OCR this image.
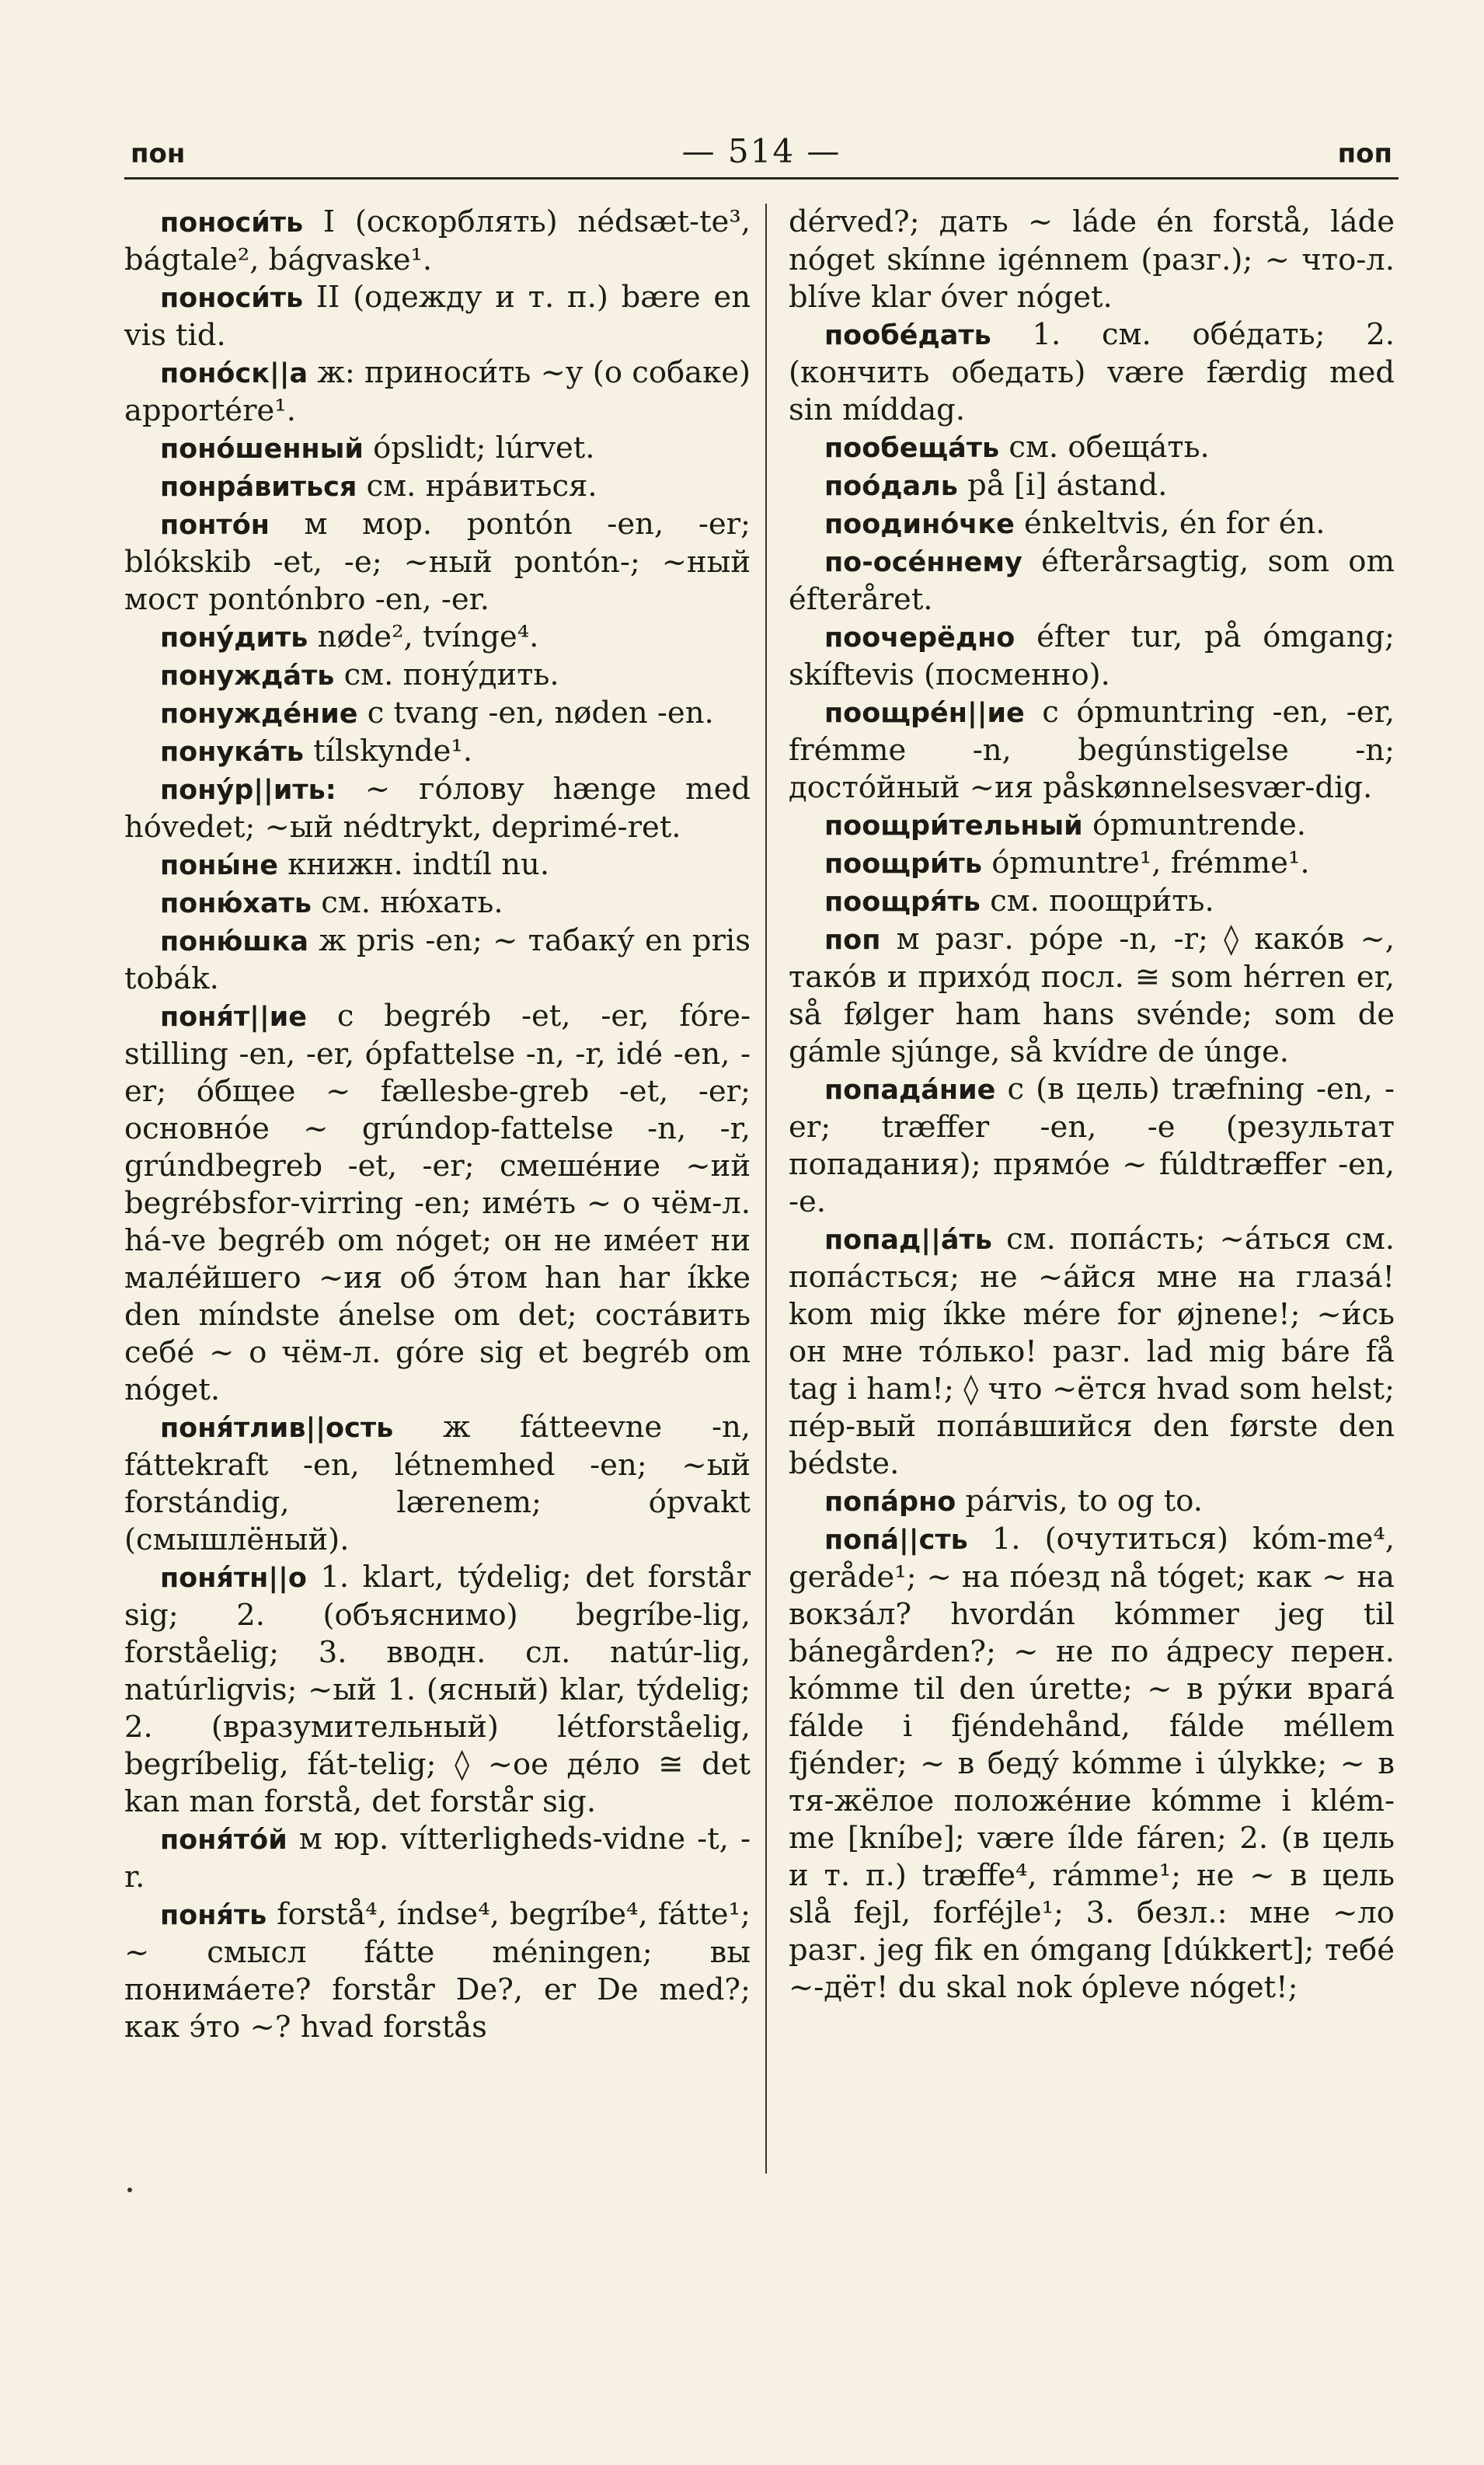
пон	— 514 —	поп

поноси́ть I (оскорблять) nédsæt-te³, bágtale², bágvaske¹.

поноси́ть II (одежду и т. п.) bære en vis tid.

поно́ск||а ж: приноси́ть ~у (о собаке) apportére¹.

поно́шенный ópslidt; lúrvet.

понра́виться см. нра́виться.

понто́н м мор. pontón -en, -er; blókskib -et, -e; ~ный pontón-; ~ный мост pontónbro -en, -er.

пону́дить nøde², tvínge⁴.

понужда́ть см. пону́дить.

понужде́ние с tvang -en, nøden -en.

понука́ть tílskynde¹.

пону́р||ить: ~ го́лову hænge med hóvedet; ~ый nédtrykt, deprimé-ret.

поны́не книжн. indtíl nu.

поню́хать см. ню́хать.

поню́шка ж pris -en; ~ табаку́ en pris tobák.

поня́т||ие с begréb -et, -er, fóre-stilling -en, -er, ópfattelse -n, -r, idé -en, -er; о́бщее ~ fællesbe-greb -et, -er; основно́е ~ grúndop-fattelse -n, -r, grúndbegreb -et, -er; смеше́ние ~ий begrébsfor-virring -en; име́ть ~ о чём-л. há-ve begréb om nóget; он не име́ет ни мале́йшего ~ия об э́том han har íkke den míndste ánelse om det; соста́вить себе́ ~ о чём-л. góre sig et begréb om nóget.

поня́тлив||ость ж fátteevne -n, fáttekraft -en, létnemhed -en; ~ый forstándig, lærenem; ópvakt (смышлёный).

поня́тн||о 1. klart, týdelig; det forstår sig; 2. (объяснимо) begríbe-lig, forståelig; 3. вводн. сл. natúr-lig, natúrligvis; ~ый 1. (ясный) klar, týdelig; 2. (вразумительный) létforståelig, begríbelig, fát-telig; ◊ ~ое де́ло ≅ det kan man forstå, det forstår sig.

поня́то́й м юр. vítterligheds-vidne -t, -r.

поня́ть forstå⁴, índse⁴, begríbe⁴, fátte¹; ~ смысл fátte méningen; вы понима́ете? forstår De?, er De med?; как э́то ~? hvad forstås

dérved?; дать ~ láde én forstå, láde nóget skínne igénnem (разг.); ~ что-л. blíve klar óver nóget.

пообе́дать 1. см. обе́дать; 2. (кончить обедать) være færdig med sin míddag.

пообеща́ть см. обеща́ть.

поо́даль på [i] ástand.

поодино́чке énkeltvis, én for én.

по-осе́ннему éfterårsagtig, som om éfteråret.

поочерёдно éfter tur, på ómgang; skíftevis (посменно).

поощре́н||ие с ópmuntring -en, -er, frémme -n, begúnstigelse -n; досто́йный ~ия påskønnelsesvær-dig.

поощри́тельный ópmuntrende.

поощри́ть ópmuntre¹, frémme¹.

поощря́ть см. поощри́ть.

поп м разг. pópe -n, -r; ◊ како́в ~, тако́в и прихо́д посл. ≅ som hérren er, så følger ham hans svénde; som de gámle sjúnge, så kvídre de únge.

попада́ние с (в цель) træfning -en, -er; træffer -en, -e (результат попадания); прямо́е ~ fúldtræffer -en, -e.

попад||а́ть см. попа́сть; ~а́ться см. попа́сться; не ~а́йся мне на глаза́! kom mig íkke mére for øjnene!; ~и́сь он мне то́лько! разг. lad mig báre få tag i ham!; ◊ что ~ётся hvad som helst; пе́р-вый попа́вшийся den første den bédste.

попа́рно párvis, to og to.

попа́||сть 1. (очутиться) kóm-me⁴, geråde¹; ~ на по́езд nå tóget; как ~ на вокза́л? hvordán kómmer jeg til bánegården?; ~ не по а́дресу перен. kómme til den úrette; ~ в ру́ки врага́ fálde i fjéndehånd, fálde méllem fjénder; ~ в беду́ kómme i úlykke; ~ в тя-жёлое положе́ние kómme i klém-me [kníbe]; være ílde fáren; 2. (в цель и т. п.) træffe⁴, rámme¹; не ~ в цель slå fejl, forféjle¹; 3. безл.: мне ~ло разг. jeg fik en ómgang [dúkkert]; тебе́ ~-дёт! du skal nok ópleve nóget!;
